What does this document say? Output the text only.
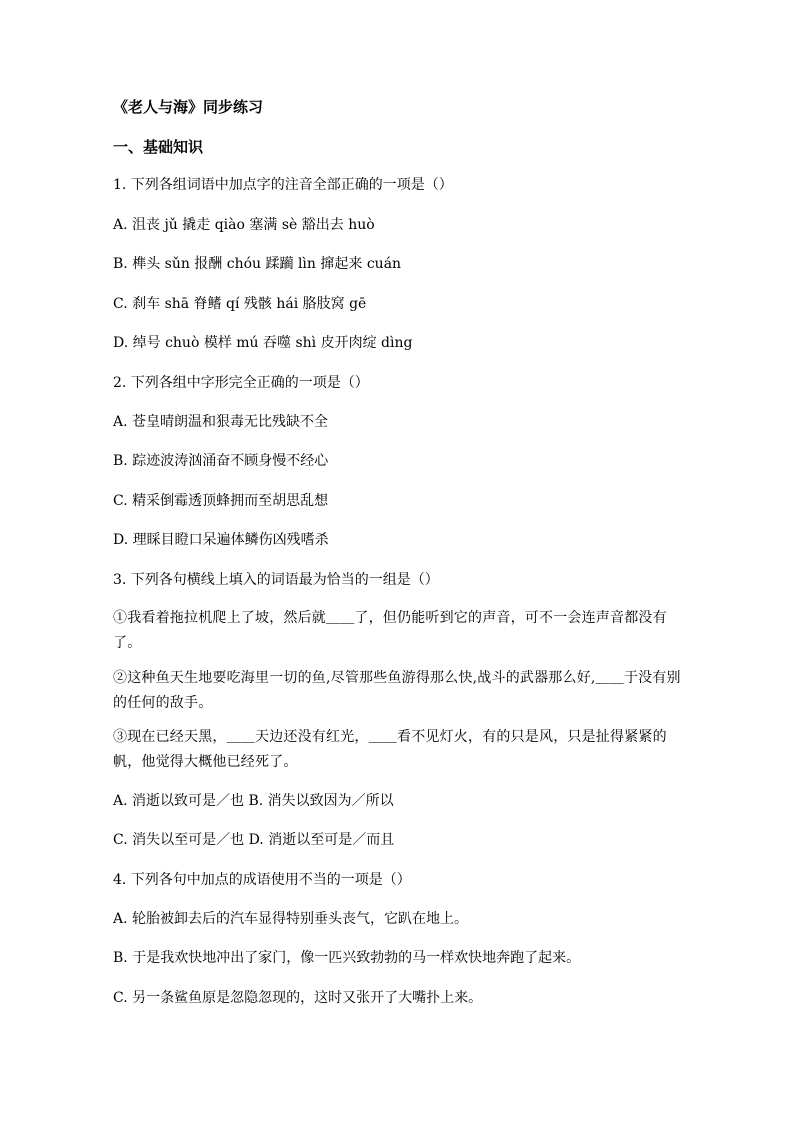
《老人与海》同步练习
一、基础知识
1. 下列各组词语中加点字的注音全部正确的一项是（）
A. 沮丧 jǔ 撬走 qiào 塞满 sè 豁出去 huò
B. 榫头 sǔn 报酬 chóu 蹂躏 lìn 撺起来 cuán
C. 刹车 shā 脊鳍 qí 残骸 hái 胳肢窝 gē
D. 绰号 chuò 模样 mú 吞噬 shì 皮开肉绽 dìng
2. 下列各组中字形完全正确的一项是（）
A. 苍皇晴朗温和狠毒无比残缺不全
B. 踪迹波涛汹涌奋不顾身慢不经心
C. 精采倒霉透顶蜂拥而至胡思乱想
D. 理睬目瞪口呆遍体鳞伤凶残嗜杀
3. 下列各句横线上填入的词语最为恰当的一组是（）
①我看着拖拉机爬上了坡，然后就＿＿了，但仍能听到它的声音，可不一会连声音都没有了。
②这种鱼天生地要吃海里一切的鱼,尽管那些鱼游得那么快,战斗的武器那么好,＿＿于没有别的任何的敌手。
③现在已经天黑，＿＿天边还没有红光，＿＿看不见灯火，有的只是风，只是扯得紧紧的帆，他觉得大概他已经死了。
A. 消逝以致可是／也 B. 消失以致因为／所以
C. 消失以至可是／也 D. 消逝以至可是／而且
4. 下列各句中加点的成语使用不当的一项是（）
A. 轮胎被卸去后的汽车显得特别垂头丧气，它趴在地上。
B. 于是我欢快地冲出了家门，像一匹兴致勃勃的马一样欢快地奔跑了起来。
C. 另一条鲨鱼原是忽隐忽现的，这时又张开了大嘴扑上来。
